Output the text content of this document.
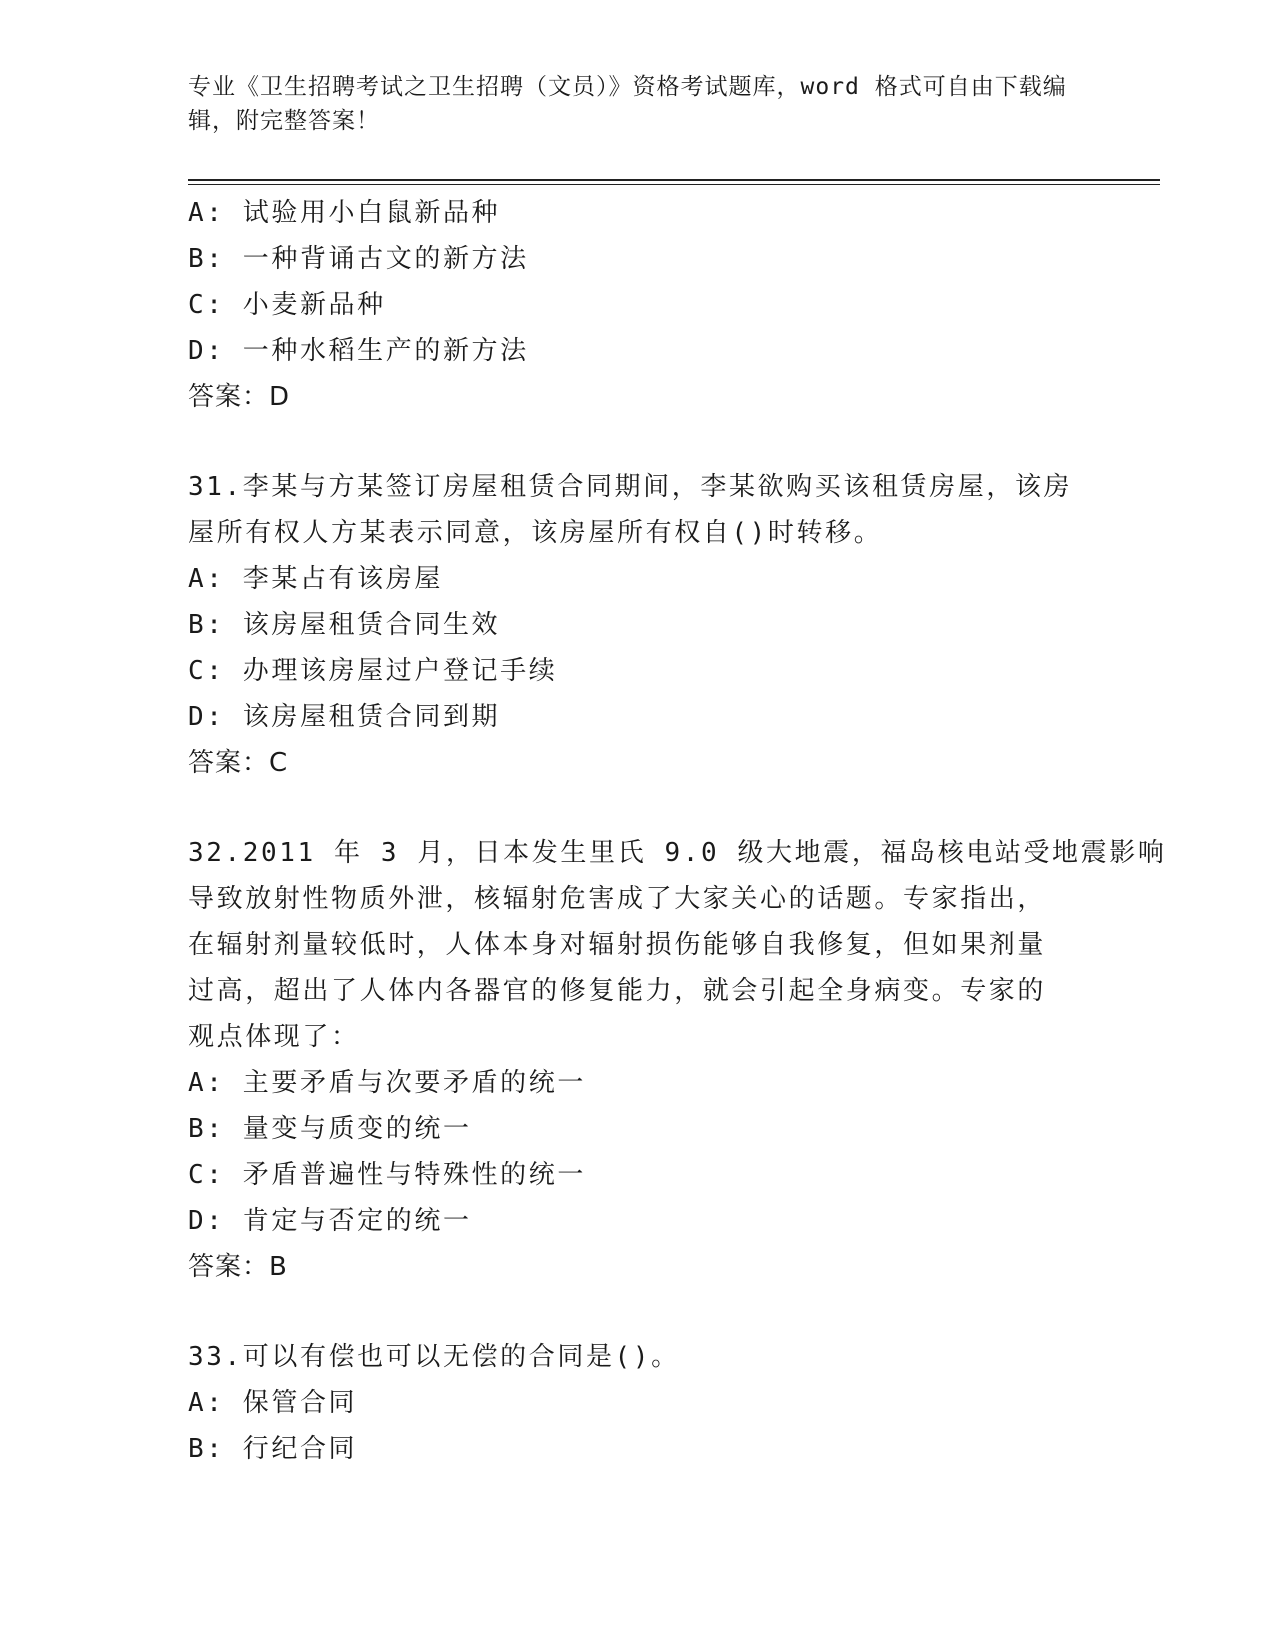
专业《卫生招聘考试之卫生招聘（文员）》资格考试题库，word 格式可自由下载编辑，附完整答案！
A: 试验用小白鼠新品种
B: 一种背诵古文的新方法
C: 小麦新品种
D: 一种水稻生产的新方法
答案：D
31.李某与方某签订房屋租赁合同期间，李某欲购买该租赁房屋，该房
屋所有权人方某表示同意，该房屋所有权自()时转移。
A: 李某占有该房屋
B: 该房屋租赁合同生效
C: 办理该房屋过户登记手续
D: 该房屋租赁合同到期
答案：C
32.2011 年 3 月，日本发生里氏 9.0 级大地震，福岛核电站受地震影响
导致放射性物质外泄，核辐射危害成了大家关心的话题。专家指出，
在辐射剂量较低时，人体本身对辐射损伤能够自我修复，但如果剂量
过高，超出了人体内各器官的修复能力，就会引起全身病变。专家的
观点体现了：
A: 主要矛盾与次要矛盾的统一
B: 量变与质变的统一
C: 矛盾普遍性与特殊性的统一
D: 肯定与否定的统一
答案：B
33.可以有偿也可以无偿的合同是()。
A: 保管合同
B: 行纪合同
